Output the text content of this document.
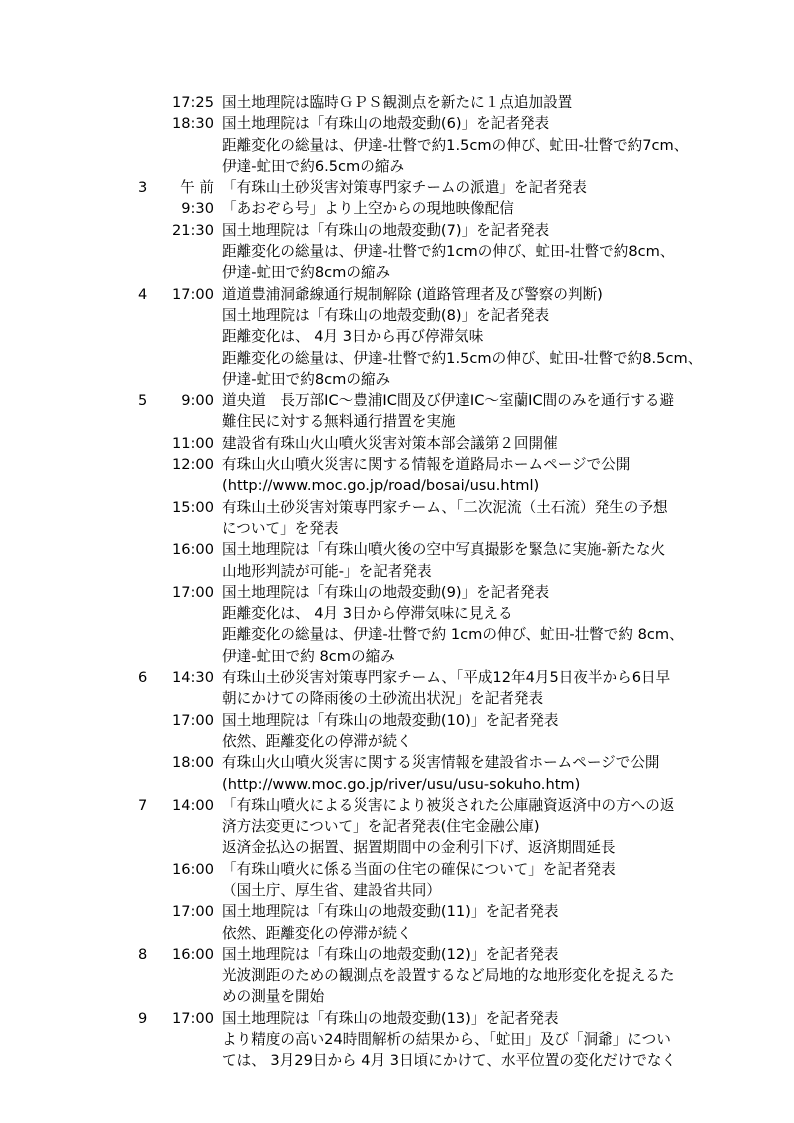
17:25 国土地理院は臨時ＧＰＳ観測点を新たに１点追加設置
18:30 国土地理院は「有珠山の地殻変動(6)」を記者発表
距離変化の総量は、伊達-壮瞥で約1.5cmの伸び、虻田-壮瞥で約7cm、
伊達-虻田で約6.5cmの縮み
3	午 前 「有珠山土砂災害対策専門家チームの派遣」を記者発表
9:30 「あおぞら号」より上空からの現地映像配信
21:30 国土地理院は「有珠山の地殻変動(7)」を記者発表
距離変化の総量は、伊達-壮瞥で約1cmの伸び、虻田-壮瞥で約8cm、
伊達-虻田で約8cmの縮み
4	17:00 道道豊浦洞爺線通行規制解除 (道路管理者及び警察の判断)
国土地理院は「有珠山の地殻変動(8)」を記者発表
距離変化は、 4月 3日から再び停滞気味
距離変化の総量は、伊達-壮瞥で約1.5cmの伸び、虻田-壮瞥で約8.5cm、
伊達-虻田で約8cmの縮み
5	9:00 道央道　長万部IC～豊浦IC間及び伊達IC～室蘭IC間のみを通行する避
難住民に対する無料通行措置を実施
11:00 建設省有珠山火山噴火災害対策本部会議第２回開催
12:00 有珠山火山噴火災害に関する情報を道路局ホームページで公開
(http://www.moc.go.jp/road/bosai/usu.html)
15:00 有珠山土砂災害対策専門家チーム、「二次泥流（土石流）発生の予想
について」を発表
16:00 国土地理院は「有珠山噴火後の空中写真撮影を緊急に実施-新たな火
山地形判読が可能-」を記者発表
17:00 国土地理院は「有珠山の地殻変動(9)」を記者発表
距離変化は、 4月 3日から停滞気味に見える
距離変化の総量は、伊達-壮瞥で約 1cmの伸び、虻田-壮瞥で約 8cm、
伊達-虻田で約 8cmの縮み
6	14:30 有珠山土砂災害対策専門家チーム、「平成12年4月5日夜半から6日早
朝にかけての降雨後の土砂流出状況」を記者発表
17:00 国土地理院は「有珠山の地殻変動(10)」を記者発表
依然、距離変化の停滞が続く
18:00 有珠山火山噴火災害に関する災害情報を建設省ホームページで公開
(http://www.moc.go.jp/river/usu/usu-sokuho.htm)
7	14:00 「有珠山噴火による災害により被災された公庫融資返済中の方への返
済方法変更について」を記者発表(住宅金融公庫)
返済金払込の据置、据置期間中の金利引下げ、返済期間延長
16:00 「有珠山噴火に係る当面の住宅の確保について」を記者発表
（国土庁、厚生省、建設省共同）
17:00 国土地理院は「有珠山の地殻変動(11)」を記者発表
依然、距離変化の停滞が続く
8	16:00 国土地理院は「有珠山の地殻変動(12)」を記者発表
光波測距のための観測点を設置するなど局地的な地形変化を捉えるた
めの測量を開始
9	17:00 国土地理院は「有珠山の地殻変動(13)」を記者発表
より精度の高い24時間解析の結果から、「虻田」及び「洞爺」につい
ては、 3月29日から 4月 3日頃にかけて、水平位置の変化だけでなく
